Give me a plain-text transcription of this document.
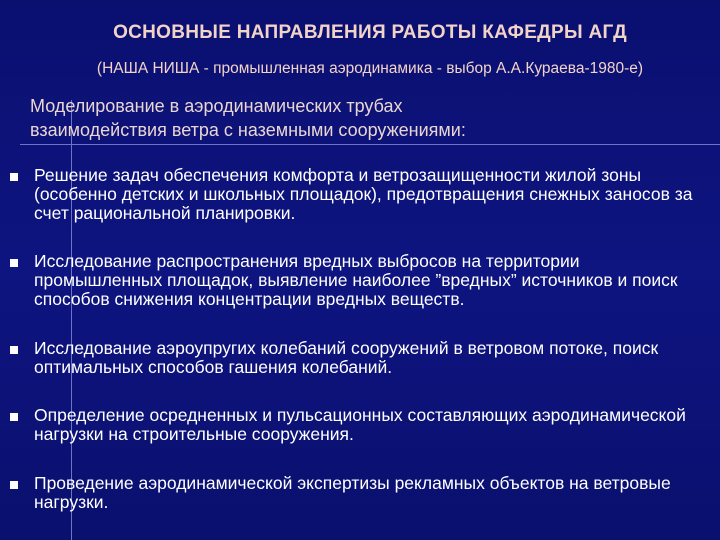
ОСНОВНЫЕ НАПРАВЛЕНИЯ РАБОТЫ КАФЕДРЫ АГД
(НАША НИША - промышленная аэродинамика - выбор А.А.Кураева-1980-е)
Моделирование в аэродинамических трубах
взаимодействия ветра с наземными сооружениями:
Решение задач обеспечения комфорта и ветрозащищенности жилой зоны (особенно детских и школьных площадок), предотвращения снежных заносов за счет рациональной планировки.
Исследование распространения вредных выбросов на территории промышленных площадок, выявление наиболее ”вредных” источников и поиск способов снижения концентрации вредных веществ.
Исследование аэроупругих колебаний сооружений в ветровом потоке, поиск оптимальных способов гашения колебаний.
Определение осредненных и пульсационных составляющих аэродинамической нагрузки на строительные сооружения.
Проведение аэродинамической экспертизы рекламных объектов на ветровые нагрузки.
